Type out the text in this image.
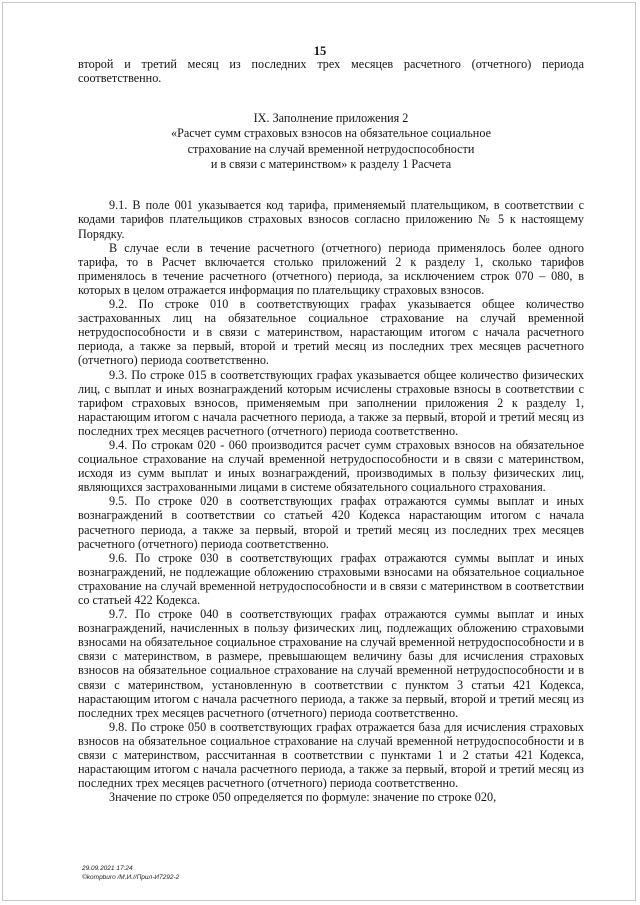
15

второй и третий месяц из последних трех месяцев расчетного (отчетного) периода соответственно.

IX. Заполнение приложения 2
«Расчет сумм страховых взносов на обязательное социальное
страхование на случай временной нетрудоспособности
и в связи с материнством» к разделу 1 Расчета

9.1. В поле 001 указывается код тарифа, применяемый плательщиком, в соответствии с кодами тарифов плательщиков страховых взносов согласно приложению № 5 к настоящему Порядку.

В случае если в течение расчетного (отчетного) периода применялось более одного тарифа, то в Расчет включается столько приложений 2 к разделу 1, сколько тарифов применялось в течение расчетного (отчетного) периода, за исключением строк 070 – 080, в которых в целом отражается информация по плательщику страховых взносов.

9.2. По строке 010 в соответствующих графах указывается общее количество застрахованных лиц на обязательное социальное страхование на случай временной нетрудоспособности и в связи с материнством, нарастающим итогом с начала расчетного периода, а также за первый, второй и третий месяц из последних трех месяцев расчетного (отчетного) периода соответственно.

9.3. По строке 015 в соответствующих графах указывается общее количество физических лиц, с выплат и иных вознаграждений которым исчислены страховые взносы в соответствии с тарифом страховых взносов, применяемым при заполнении приложения 2 к разделу 1, нарастающим итогом с начала расчетного периода, а также за первый, второй и третий месяц из последних трех месяцев расчетного (отчетного) периода соответственно.

9.4. По строкам 020 - 060 производится расчет сумм страховых взносов на обязательное социальное страхование на случай временной нетрудоспособности и в связи с материнством, исходя из сумм выплат и иных вознаграждений, производимых в пользу физических лиц, являющихся застрахованными лицами в системе обязательного социального страхования.

9.5. По строке 020 в соответствующих графах отражаются суммы выплат и иных вознаграждений в соответствии со статьей 420 Кодекса нарастающим итогом с начала расчетного периода, а также за первый, второй и третий месяц из последних трех месяцев расчетного (отчетного) периода соответственно.

9.6. По строке 030 в соответствующих графах отражаются суммы выплат и иных вознаграждений, не подлежащие обложению страховыми взносами на обязательное социальное страхование на случай временной нетрудоспособности и в связи с материнством в соответствии со статьей 422 Кодекса.

9.7. По строке 040 в соответствующих графах отражаются суммы выплат и иных вознаграждений, начисленных в пользу физических лиц, подлежащих обложению страховыми взносами на обязательное социальное страхование на случай временной нетрудоспособности и в связи с материнством, в размере, превышающем величину базы для исчисления страховых взносов на обязательное социальное страхование на случай временной нетрудоспособности и в связи с материнством, установленную в соответствии с пунктом 3 статьи 421 Кодекса, нарастающим итогом с начала расчетного периода, а также за первый, второй и третий месяц из последних трех месяцев расчетного (отчетного) периода соответственно.

9.8. По строке 050 в соответствующих графах отражается база для исчисления страховых взносов на обязательное социальное страхование на случай временной нетрудоспособности и в связи с материнством, рассчитанная в соответствии с пунктами 1 и 2 статьи 421 Кодекса, нарастающим итогом с начала расчетного периода, а также за первый, второй и третий месяц из последних трех месяцев расчетного (отчетного) периода соответственно.

Значение по строке 050 определяется по формуле: значение по строке 020,

29.09.2021 17:24
©kompburo /М.И.//Прил-И7292-2
